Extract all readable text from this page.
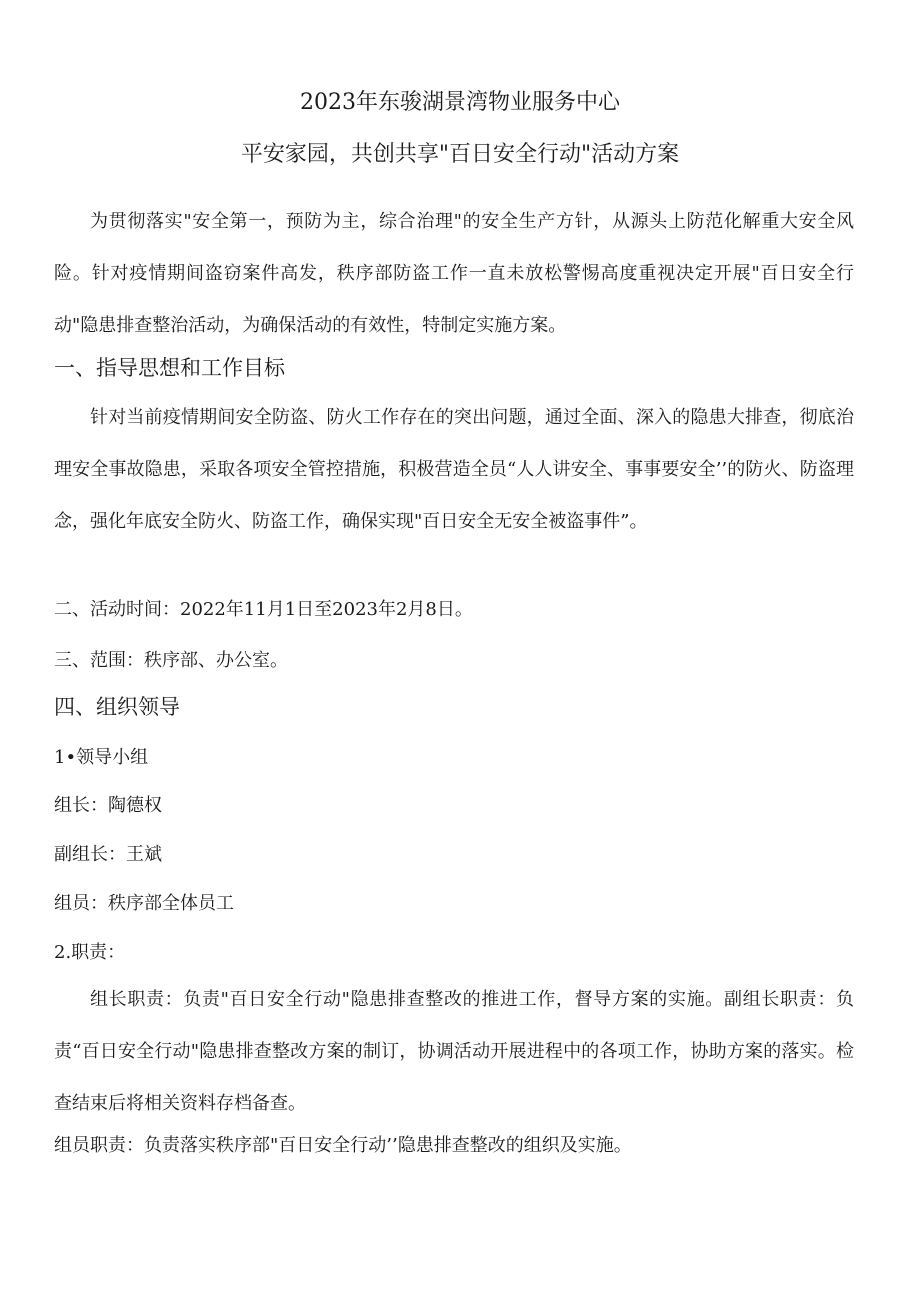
2023年东骏湖景湾物业服务中心
平安家园，共创共享"百日安全行动"活动方案
为贯彻落实"安全第一，预防为主，综合治理"的安全生产方针，从源头上防范化解重大安全风险。针对疫情期间盗窃案件高发，秩序部防盗工作一直未放松警惕高度重视决定开展"百日安全行动"隐患排查整治活动，为确保活动的有效性，特制定实施方案。
一、指导思想和工作目标
针对当前疫情期间安全防盗、防火工作存在的突出问题，通过全面、深入的隐患大排查，彻底治理安全事故隐患，采取各项安全管控措施，积极营造全员“人人讲安全、事事要安全’’的防火、防盗理念，强化年底安全防火、防盗工作，确保实现"百日安全无安全被盗事件”。
二、活动时间：2022年11月1日至2023年2月8日。
三、范围：秩序部、办公室。
四、组织领导
1•领导小组
组长：陶德权
副组长：王斌
组员：秩序部全体员工
2.职责：
组长职责：负责"百日安全行动"隐患排查整改的推进工作，督导方案的实施。副组长职责：负责“百日安全行动"隐患排查整改方案的制订，协调活动开展进程中的各项工作，协助方案的落实。检查结束后将相关资料存档备查。
组员职责：负责落实秩序部"百日安全行动’’隐患排查整改的组织及实施。
